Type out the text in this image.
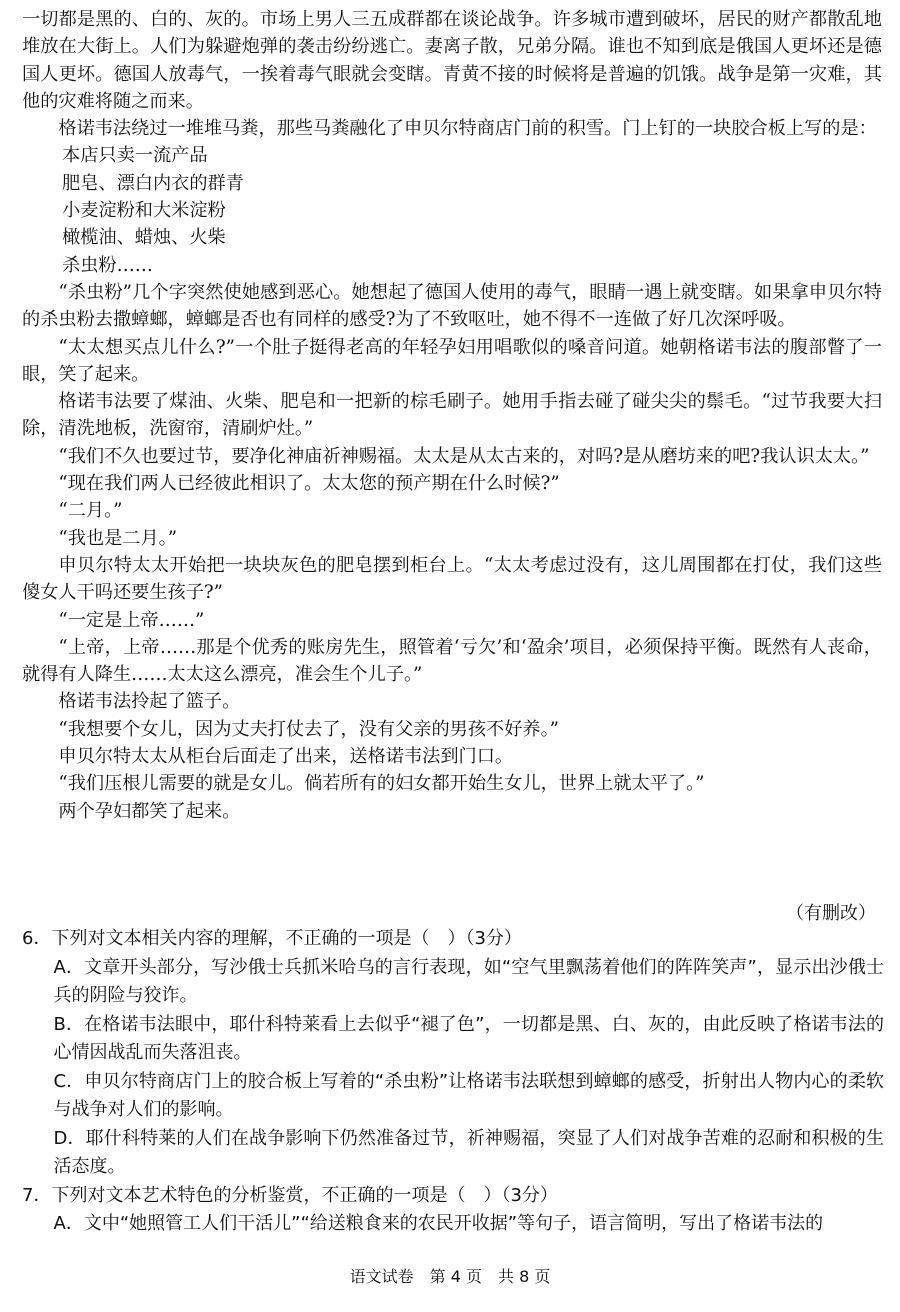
一切都是黑的、白的、灰的。市场上男人三五成群都在谈论战争。许多城市遭到破坏，居民的财产都散乱地堆放在大街上。人们为躲避炮弹的袭击纷纷逃亡。妻离子散，兄弟分隔。谁也不知到底是俄国人更坏还是德国人更坏。德国人放毒气，一挨着毒气眼就会变瞎。青黄不接的时候将是普遍的饥饿。战争是第一灾难，其他的灾难将随之而来。

格诺韦法绕过一堆堆马粪，那些马粪融化了申贝尔特商店门前的积雪。门上钉的一块胶合板上写的是：

本店只卖一流产品

肥皂、漂白内衣的群青

小麦淀粉和大米淀粉

橄榄油、蜡烛、火柴

杀虫粉……

“杀虫粉”几个字突然使她感到恶心。她想起了德国人使用的毒气，眼睛一遇上就变瞎。如果拿申贝尔特的杀虫粉去撒蟑螂，蟑螂是否也有同样的感受?为了不致呕吐，她不得不一连做了好几次深呼吸。

“太太想买点儿什么?”一个肚子挺得老高的年轻孕妇用唱歌似的嗓音问道。她朝格诺韦法的腹部瞥了一眼，笑了起来。

格诺韦法要了煤油、火柴、肥皂和一把新的棕毛刷子。她用手指去碰了碰尖尖的鬃毛。“过节我要大扫除，清洗地板，洗窗帘，清刷炉灶。”

“我们不久也要过节，要净化神庙祈神赐福。太太是从太古来的，对吗?是从磨坊来的吧?我认识太太。”

“现在我们两人已经彼此相识了。太太您的预产期在什么时候?”

“二月。”

“我也是二月。”

申贝尔特太太开始把一块块灰色的肥皂摆到柜台上。“太太考虑过没有，这儿周围都在打仗，我们这些傻女人干吗还要生孩子?”

“一定是上帝……”

“上帝，上帝……那是个优秀的账房先生，照管着‘亏欠’和‘盈余’项目，必须保持平衡。既然有人丧命，就得有人降生……太太这么漂亮，准会生个儿子。”

格诺韦法拎起了篮子。

“我想要个女儿，因为丈夫打仗去了，没有父亲的男孩不好养。”

申贝尔特太太从柜台后面走了出来，送格诺韦法到门口。

“我们压根儿需要的就是女儿。倘若所有的妇女都开始生女儿，世界上就太平了。”

两个孕妇都笑了起来。

（有删改）

6．下列对文本相关内容的理解，不正确的一项是（　）（3分）

A．文章开头部分，写沙俄士兵抓米哈乌的言行表现，如“空气里飘荡着他们的阵阵笑声”，显示出沙俄士兵的阴险与狡诈。

B．在格诺韦法眼中，耶什科特莱看上去似乎“褪了色”，一切都是黑、白、灰的，由此反映了格诺韦法的心情因战乱而失落沮丧。

C．申贝尔特商店门上的胶合板上写着的“杀虫粉”让格诺韦法联想到蟑螂的感受，折射出人物内心的柔软与战争对人们的影响。

D．耶什科特莱的人们在战争影响下仍然准备过节，祈神赐福，突显了人们对战争苦难的忍耐和积极的生活态度。

7．下列对文本艺术特色的分析鉴赏，不正确的一项是（　）（3分）

A．文中“她照管工人们干活儿”“给送粮食来的农民开收据”等句子，语言简明，写出了格诺韦法的

语文试卷　第 4 页　共 8 页
